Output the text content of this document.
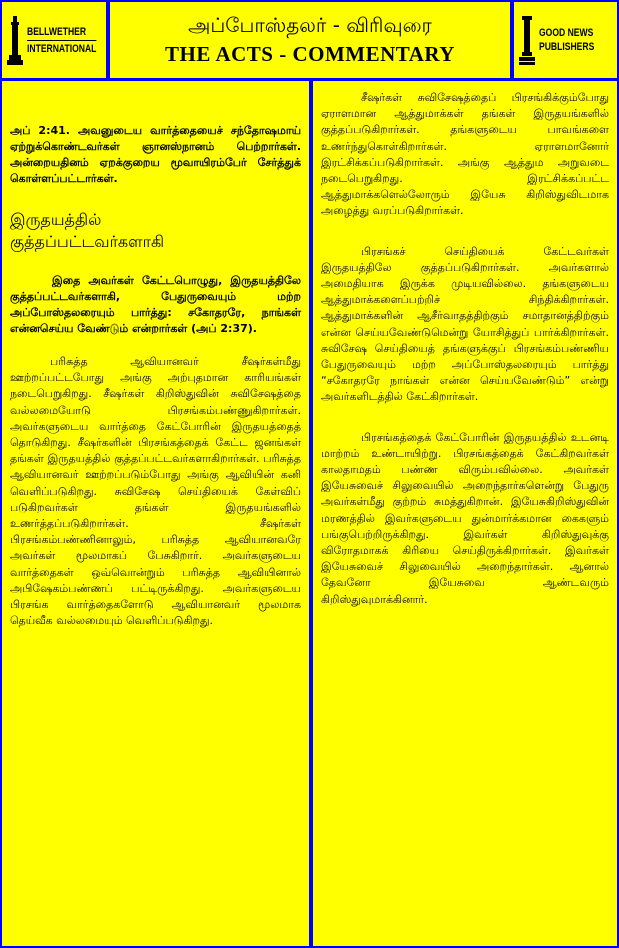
BELLWETHER
INTERNATIONAL
அப்போஸ்தலர் - விரிவுரை
THE ACTS - COMMENTARY
GOOD NEWS
PUBLISHERS

அப் 2:41. அவனுடைய வார்த்தையைச் சந்தோஷமாய் ஏற்றுக்கொண்டவர்கள் ஞானஸ்நானம் பெற்றார்கள். அன்றையதினம் ஏறக்குறைய மூவாயிரம்பேர் சேர்த்துக் கொள்ளப்பட்டார்கள்.

இருதயத்தில்
குத்தப்பட்டவர்களாகி

இதை அவர்கள் கேட்டபொழுது, இருதயத்திலே குத்தப்பட்டவர்களாகி, பேதுருவையும் மற்ற அப்போஸ்தலரையும் பார்த்து: சகோதரரே, நாங்கள் என்னசெய்ய வேண்டும் என்றார்கள் (அப் 2:37).

பரிசுத்த ஆவியானவர் சீஷர்கள்மீது ஊற்றப்பட்டபோது அங்கு அற்புதமான காரியங்கள் நடைபெறுகிறது. சீஷர்கள் கிறிஸ்துவின் சுவிசேஷத்தை வல்லமையோடு பிரசங்கம்பண்ணுகிறார்கள். அவர்களுடைய வார்த்தை கேட்போரின் இருதயத்தைத் தொடுகிறது. சீஷர்களின் பிரசங்கத்தைக் கேட்ட ஜனங்கள் தங்கள் இருதயத்தில் குத்தப்பட்டவர்களாகிறார்கள். பரிசுத்த ஆவியானவர் ஊற்றப்படும்போது அங்கு ஆவியின் கனி வெளிப்படுகிறது. சுவிசேஷ செய்தியைக் கேள்விப் படுகிறவர்கள் தங்கள் இருதயங்களில் உணர்த்தப்படுகிறார்கள். சீஷர்கள் பிரசங்கம்பண்ணினாலும், பரிசுத்த ஆவியானவரே அவர்கள் மூலமாகப் பேசுகிறார். அவர்களுடைய வார்த்தைகள் ஒவ்வொன்றும் பரிசுத்த ஆவியினால் அபிஷேகம்பண்ணப் பட்டிருக்கிறது. அவர்களுடைய பிரசங்க வார்த்தைகளோடு ஆவியானவர் மூலமாக தெய்வீக வல்லமையும் வெளிப்படுகிறது.

சீஷர்கள் சுவிசேஷத்தைப் பிரசங்கிக்கும்போது ஏராளமான ஆத்துமாக்கள் தங்கள் இருதயங்களில் குத்தப்படுகிறார்கள். தங்களுடைய பாவங்களை உணர்ந்துகொள்கிறார்கள். ஏராளமானோர் இரட்சிக்கப்படுகிறார்கள். அங்கு ஆத்தும அறுவடை நடைபெறுகிறது. இரட்சிக்கப்பட்ட ஆத்துமாக்களெல்லோரும் இயேசு கிறிஸ்துவிடமாக அழைத்து வரப்படுகிறார்கள்.

பிரசங்கச் செய்தியைக் கேட்டவர்கள் இருதயத்திலே குத்தப்படுகிறார்கள். அவர்களால் அமைதியாக இருக்க முடியவில்லை. தங்களுடைய ஆத்துமாக்களைப்பற்றிச் சிந்திக்கிறார்கள். ஆத்துமாக்களின் ஆசீர்வாதத்திற்கும் சமாதானத்திற்கும் என்ன செய்யவேண்டுமென்று யோசித்துப் பார்க்கிறார்கள். சுவிசேஷ செய்தியைத் தங்களுக்குப் பிரசங்கம்பண்ணிய பேதுருவையும் மற்ற அப்போஸ்தலரையும் பார்த்து “சகோதரரே நாங்கள் என்ன செய்யவேண்டும்” என்று அவர்களிடத்தில் கேட்கிறார்கள்.

பிரசங்கத்தைக் கேட்போரின் இருதயத்தில் உடனடி மாற்றம் உண்டாயிற்று. பிரசங்கத்தைக் கேட்கிறவர்கள் காலதாமதம் பண்ண விரும்பவில்லை. அவர்கள் இயேசுவைச் சிலுவையில் அறைந்தார்களென்று பேதுரு அவர்கள்மீது குற்றம் சுமத்துகிறான். இயேசுகிறிஸ்துவின் மரணத்தில் இவர்களுடைய துன்மார்க்கமான கைகளும் பங்குபெற்றிருக்கிறது. இவர்கள் கிறிஸ்துவுக்கு விரோதமாகக் கிரியை செய்திருக்கிறார்கள். இவர்கள் இயேசுவைச் சிலுவையில் அறைந்தார்கள். ஆனால் தேவனோ இயேசுவை ஆண்டவரும் கிறிஸ்துவுமாக்கினார்.
